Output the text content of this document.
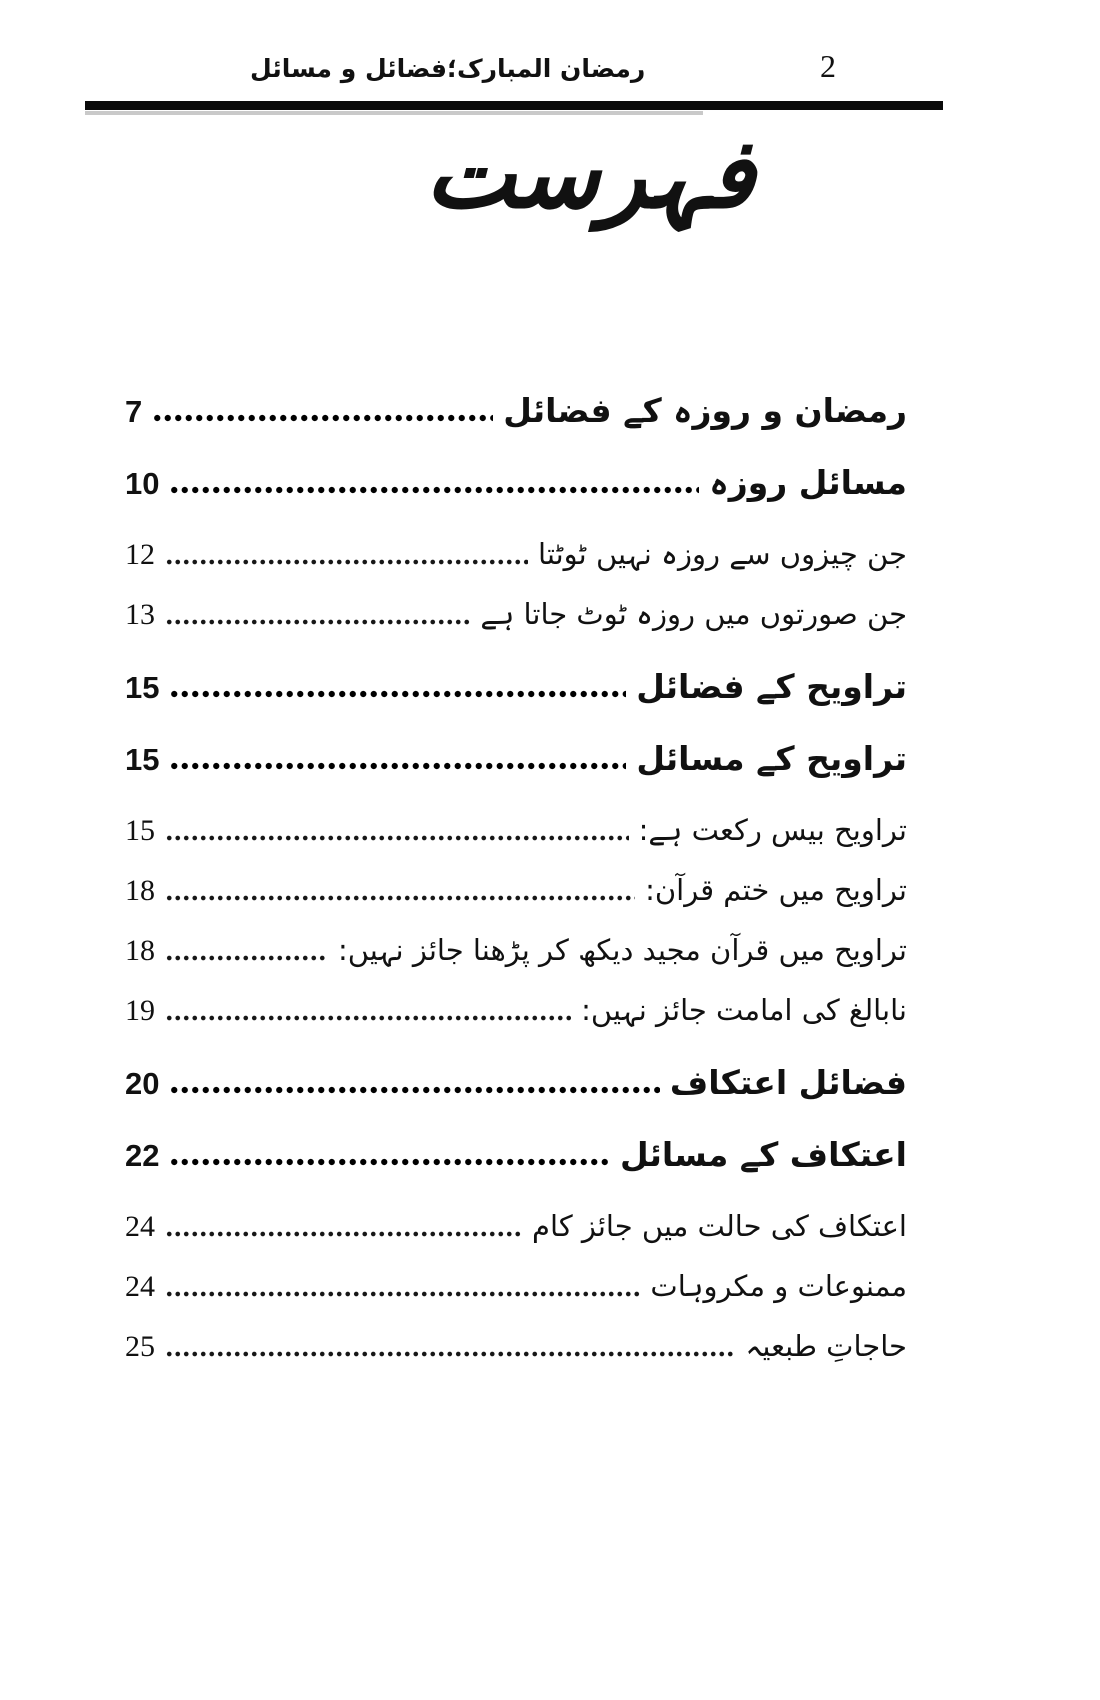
رمضان المبارک؛فضائل و مسائل	2
فہرست
رمضان و روزہ کے فضائل
7
مسائل روزہ
10
جن چیزوں سے روزہ نہیں ٹوٹتا
12
جن صورتوں میں روزہ ٹوٹ جاتا ہے
13
تراویح کے فضائل
15
تراویح کے مسائل
15
تراویح بیس رکعت ہے:
15
تراویح میں ختم قرآن:
18
تراویح میں قرآن مجید دیکھ کر پڑھنا جائز نہیں:
18
نابالغ کی امامت جائز نہیں:
19
فضائل اعتکاف
20
اعتکاف کے مسائل
22
اعتکاف کی حالت میں جائز کام
24
ممنوعات و مکروہات
24
حاجاتِ طبعیہ
25
